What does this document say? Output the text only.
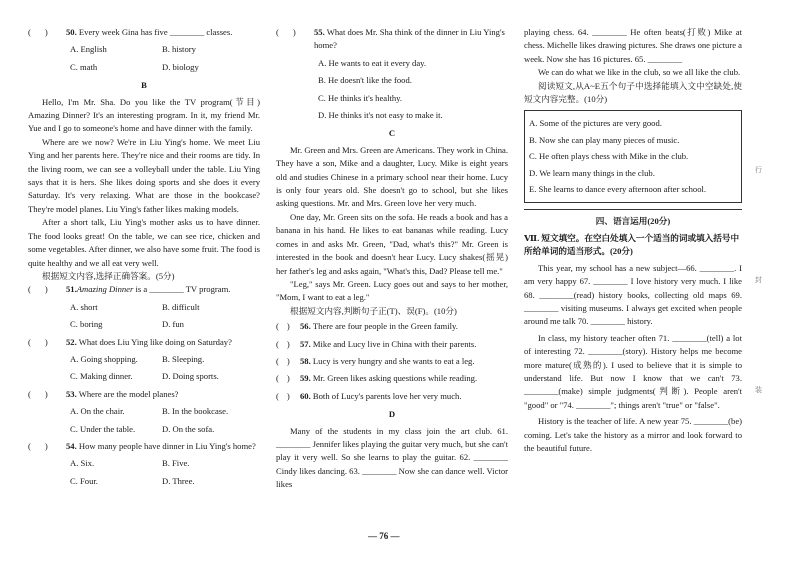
( )	50. Every week Gina has five ________ classes.
A. English	B. history
C. math	D. biology
B

Hello, I'm Mr. Sha. Do you like the TV program(节目) Amazing Dinner? It's an interesting program. In it, my friend Mr. Yue and I go to someone's home and have dinner with the family.

Where are we now? We're in Liu Ying's home. We meet Liu Ying and her parents here. They're nice and their rooms are tidy. In the living room, we can see a volleyball under the table. Liu Ying says that it is hers. She likes doing sports and she does it every Saturday. It's very relaxing. What are those in the bookcase? They're model planes. Liu Ying's father likes making models.

After a short talk, Liu Ying's mother asks us to have dinner. The food looks great! On the table, we can see rice, chicken and some vegetables. After dinner, we also have some fruit. The food is quite healthy and we all eat very well.

根据短文内容,选择正确答案。(5分)

( )	51.Amazing Dinner is a ________ TV program.
A. short	B. difficult
C. boring	D. fun
( )	52. What does Liu Ying like doing on Saturday?
A. Going shopping.	B. Sleeping.
C. Making dinner.	D. Doing sports.
( )	53. Where are the model planes?
A. On the chair.	B. In the bookcase.
C. Under the table.	D. On the sofa.
( )	54. How many people have dinner in Liu Ying's home?
A. Six.	B. Five.
C. Four.	D. Three.
( )	55. What does Mr. Sha think of the dinner in Liu Ying's home?
A. He wants to eat it every day.
B. He doesn't like the food.
C. He thinks it's healthy.
D. He thinks it's not easy to make it.
C

Mr. Green and Mrs. Green are Americans. They work in China. They have a son, Mike and a daughter, Lucy. Mike is eight years old and studies Chinese in a primary school near their home. Lucy is only four years old. She doesn't go to school, but she likes asking questions. Mr. and Mrs. Green love her very much.

One day, Mr. Green sits on the sofa. He reads a book and has a banana in his hand. He likes to eat bananas while reading. Lucy comes in and asks Mr. Green, "Dad, what's this?" Mr. Green is interested in the book and doesn't hear Lucy. Lucy shakes(摇晃) her father's leg and asks again, "What's this, Dad? Please tell me."

"Leg," says Mr. Green. Lucy goes out and says to her mother, "Mom, I want to eat a leg."

根据短文内容,判断句子正(T)、误(F)。(10分)

( )	56.
There are four people in the Green family.
( )	57.
Mike and Lucy live in China with their parents.
( )	58.
Lucy is very hungry and she wants to eat a leg.
( )	59.
Mr. Green likes asking questions while reading.
( )	60.
Both of Lucy's parents love her very much.
D

Many of the students in my class join the art club. 61. ________ Jennifer likes playing the guitar very much, but she can't play it very well. So she learns to play the guitar. 62. ________ Cindy likes dancing. 63. ________ Now she can dance well. Victor likes

playing chess. 64. ________ He often beats(打败) Mike at chess. Michelle likes drawing pictures. She draws one picture a week. Now she has 16 pictures. 65. ________

We can do what we like in the club, so we all like the club.

阅读短文,从A~E五个句子中选择能填入文中空缺处,使短文内容完整。(10分)

A. Some of the pictures are very good.
B. Now she can play many pieces of music.
C. He often plays chess with Mike in the club.
D. We learn many things in the club.
E. She learns to dance every afternoon after school.
四、语言运用(20分)
Ⅶ. 短文填空。在空白处填入一个适当的词或填入括号中所给单词的适当形式。(20分)

This year, my school has a new subject—66. ________. I am very happy 67. ________ I love history very much. I like 68. ________(read) history books, collecting old maps 69. ________ visiting museums. I always get excited when people around me talk 70. ________ history.

In class, my history teacher often 71. ________(tell) a lot of interesting 72. ________(story). History helps me become more mature(成熟的). I used to believe that it is simple to understand life. But now I know that we can't 73. ________(make) simple judgments(判断). People aren't "good" or "74. ________"; things aren't "true" or "false".

History is the teacher of life. A new year 75. ________(be) coming. Let's take the history as a mirror and look forward to the beautiful future.

行
封
装
— 76 —
